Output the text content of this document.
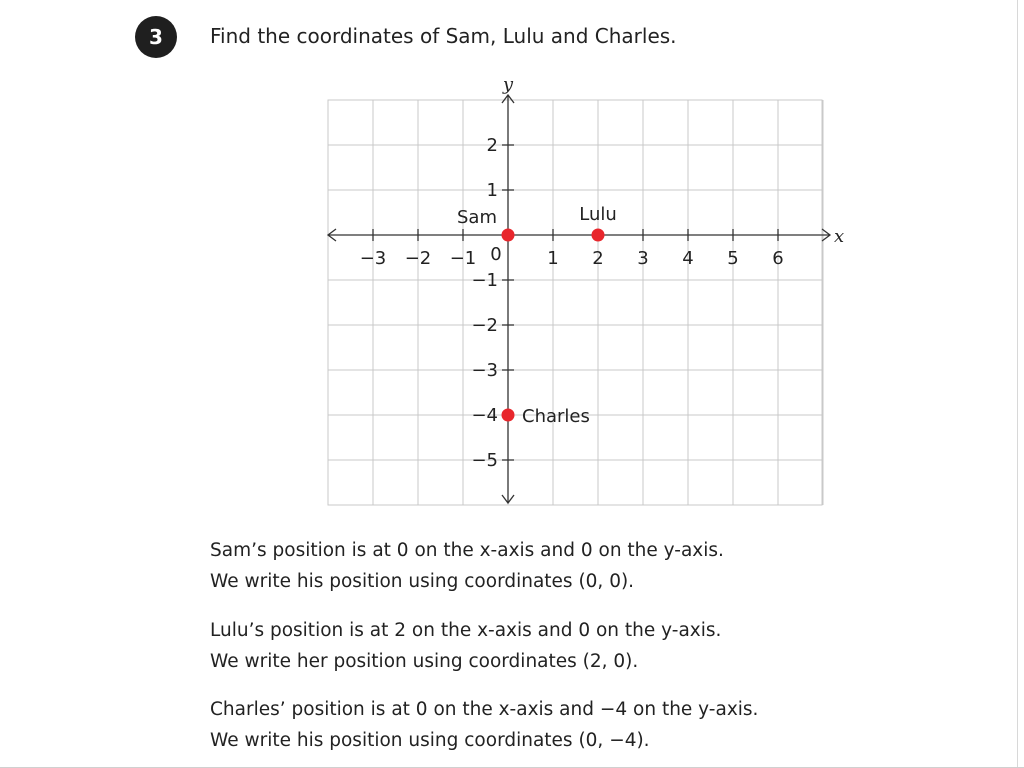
3	Find the coordinates of Sam, Lulu and Charles.
x
y
−3 −2 −1	1 2 3 4 5 6
2
1
−1
−2
−3
−4
−5
0
Sam	Lulu
Charles

Sam’s position is at 0 on the x-axis and 0 on the y-axis.

We write his position using coordinates (0, 0).

Lulu’s position is at 2 on the x-axis and 0 on the y-axis.

We write her position using coordinates (2, 0).

Charles’ position is at 0 on the x-axis and −4 on the y-axis.

We write his position using coordinates (0, −4).
